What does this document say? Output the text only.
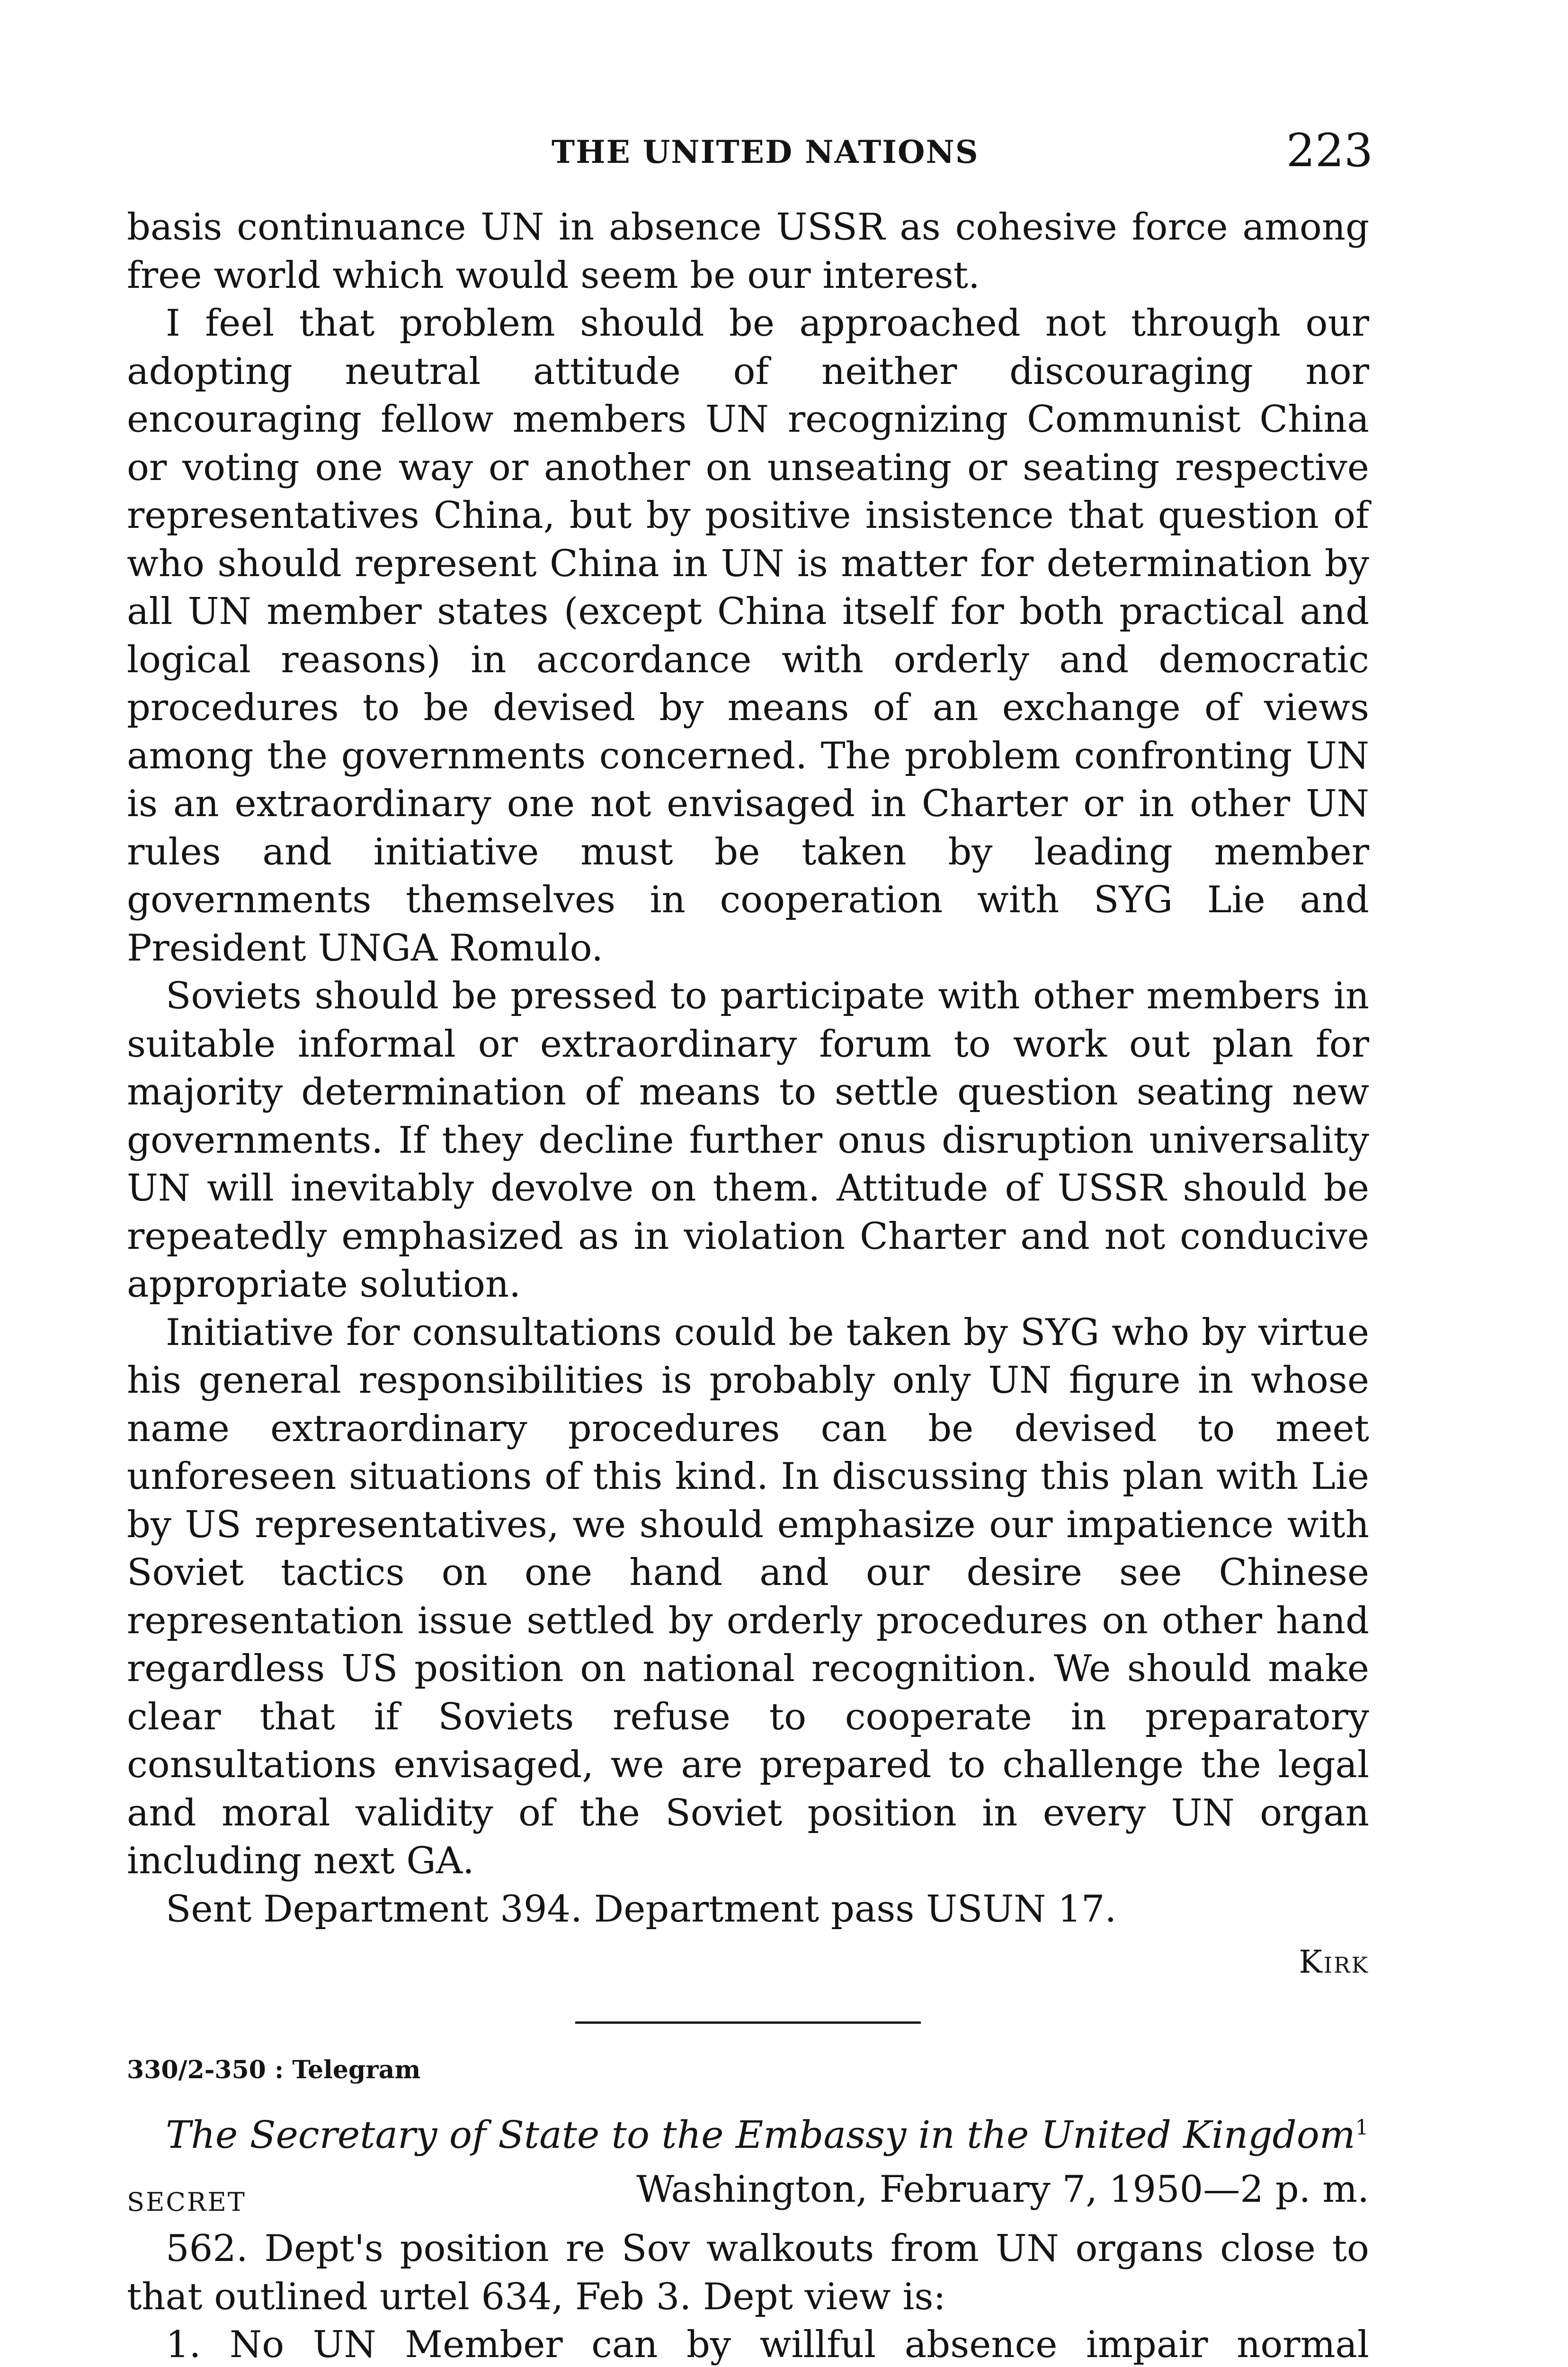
THE UNITED NATIONS	223

basis continuance UN in absence USSR as cohesive force among free world which would seem be our interest.

I feel that problem should be approached not through our adopting neutral attitude of neither discouraging nor encouraging fellow members UN recognizing Communist China or voting one way or another on unseating or seating respective representatives China, but by positive insistence that question of who should represent China in UN is matter for determination by all UN member states (except China itself for both practical and logical reasons) in accordance with orderly and democratic procedures to be devised by means of an exchange of views among the governments concerned. The problem confronting UN is an extraordinary one not envisaged in Charter or in other UN rules and initiative must be taken by leading member governments themselves in cooperation with SYG Lie and President UNGA Romulo.

Soviets should be pressed to participate with other members in suitable informal or extraordinary forum to work out plan for majority determination of means to settle question seating new governments. If they decline further onus disruption universality UN will inevitably devolve on them. Attitude of USSR should be repeatedly emphasized as in violation Charter and not conducive appropriate solution.

Initiative for consultations could be taken by SYG who by virtue his general responsibilities is probably only UN figure in whose name extraordinary procedures can be devised to meet unforeseen situations of this kind. In discussing this plan with Lie by US representatives, we should emphasize our impatience with Soviet tactics on one hand and our desire see Chinese representation issue settled by orderly procedures on other hand regardless US position on national recognition. We should make clear that if Soviets refuse to cooperate in preparatory consultations envisaged, we are prepared to challenge the legal and moral validity of the Soviet position in every UN organ including next GA.

Sent Department 394. Department pass USUN 17.

Kirk
330/2-350 : Telegram
The Secretary of State to the Embassy in the United Kingdom$^1$
SECRET	Washington, February 7, 1950—2 p. m.

562. Dept's position re Sov walkouts from UN organs close to that outlined urtel 634, Feb 3. Dept view is:

1. No UN Member can by willful absence impair normal
